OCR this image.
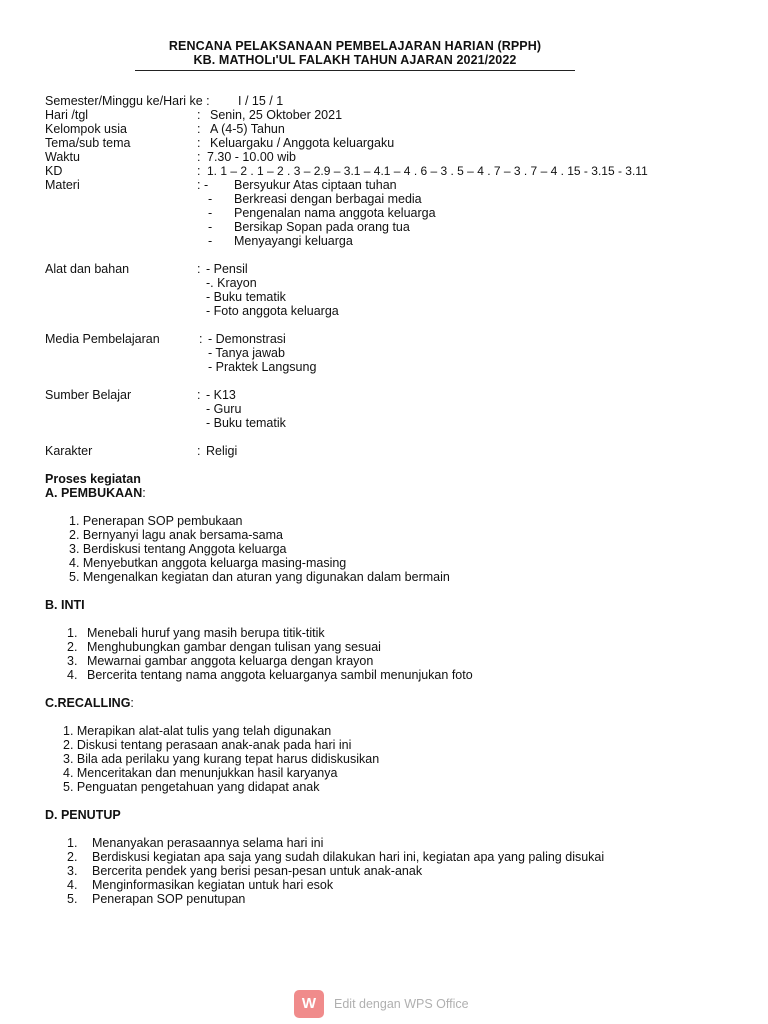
RENCANA PELAKSANAAN PEMBELAJARAN HARIAN (RPPH)
KB. MATHOLı'UL FALAKH TAHUN AJARAN 2021/2022
Semester/Minggu ke/Hari ke : I / 15 / 1
Hari /tgl	: Senin, 25 Oktober 2021
Kelompok usia	: A (4-5) Tahun
Tema/sub tema	: Keluargaku / Anggota keluargaku
Waktu	: 7.30 - 10.00 wib
KD	: 1. 1 – 2 . 1 – 2 . 3 – 2.9 – 3.1 – 4.1 – 4 . 6 – 3 . 5 – 4 . 7 – 3 . 7 – 4 . 15 - 3.15 - 3.11
Materi	: - Bersyukur Atas ciptaan tuhan
- Berkreasi dengan berbagai media
- Pengenalan nama anggota keluarga
- Bersikap Sopan pada orang tua
- Menyayangi keluarga
Alat dan bahan	: - Pensil
-. Krayon
- Buku tematik
- Foto anggota keluarga
Media Pembelajaran	: - Demonstrasi
- Tanya jawab
- Praktek Langsung
Sumber Belajar	: - K13
- Guru
- Buku tematik
Karakter	: Religi
Proses kegiatan
A. PEMBUKAAN:
1. Penerapan SOP pembukaan
2. Bernyanyi lagu anak bersama-sama
3. Berdiskusi tentang Anggota keluarga
4. Menyebutkan anggota keluarga masing-masing
5. Mengenalkan kegiatan dan aturan yang digunakan dalam bermain
B. INTI
1. Menebali huruf yang masih berupa titik-titik
2. Menghubungkan gambar dengan tulisan yang sesuai
3. Mewarnai gambar anggota keluarga dengan krayon
4. Bercerita tentang nama anggota keluarganya sambil menunjukan foto
C.RECALLING:
1. Merapikan alat-alat tulis yang telah digunakan
2. Diskusi tentang perasaan anak-anak pada hari ini
3. Bila ada perilaku yang kurang tepat harus didiskusikan
4. Menceritakan dan menunjukkan hasil karyanya
5. Penguatan pengetahuan yang didapat anak
D. PENUTUP
1. Menanyakan perasaannya selama hari ini
2. Berdiskusi kegiatan apa saja yang sudah dilakukan hari ini, kegiatan apa yang paling disukai
3. Bercerita pendek yang berisi pesan-pesan untuk anak-anak
4. Menginformasikan kegiatan untuk hari esok
5. Penerapan SOP penutupan
W	Edit dengan WPS Office
